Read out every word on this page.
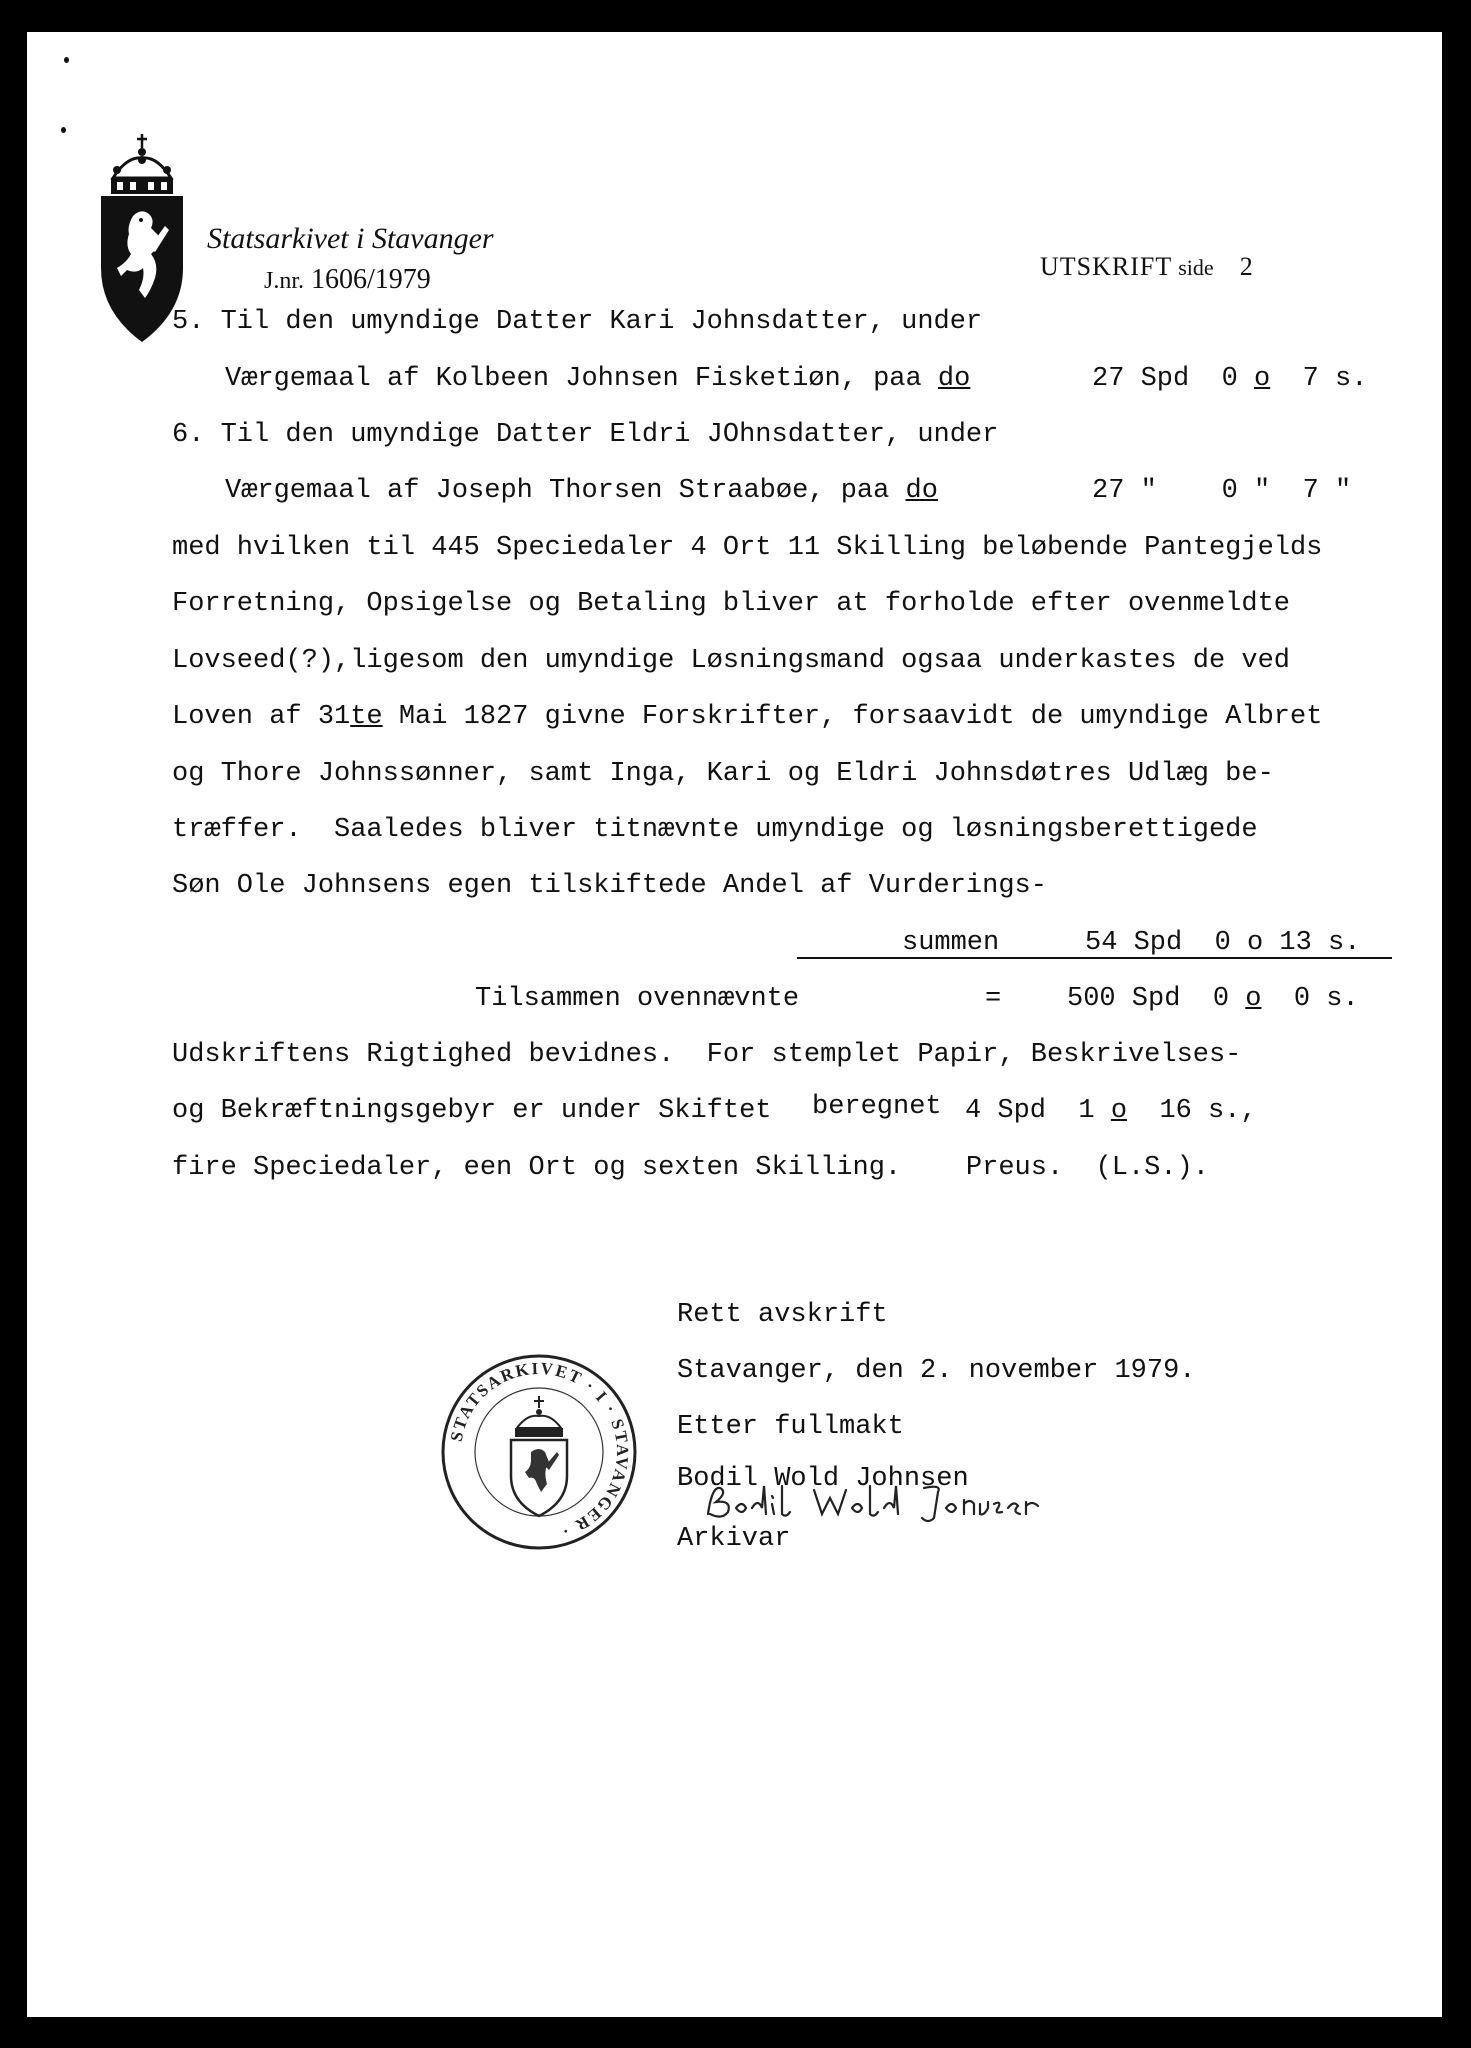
Statsarkivet i Stavanger
J.nr. 1606/1979	UTSKRIFT side 2
5. Til den umyndige Datter Kari Johnsdatter, under
Værgemaal af Kolbeen Johnsen Fisketiøn, paa do	27 Spd 0 o 7 s.
6. Til den umyndige Datter Eldri JOhnsdatter, under
Værgemaal af Joseph Thorsen Straabøe, paa do	27 "    0 "  7 "
med hvilken til 445 Speciedaler 4 Ort 11 Skilling beløbende Pantegjelds
Forretning, Opsigelse og Betaling bliver at forholde efter ovenmeldte
Lovseed(?),ligesom den umyndige Løsningsmand ogsaa underkastes de ved
Loven af 31te Mai 1827 givne Forskrifter, forsaavidt de umyndige Albret
og Thore Johnssønner, samt Inga, Kari og Eldri Johnsdøtres Udlæg be-
træffer.  Saaledes bliver titnævnte umyndige og løsningsberettigede
Søn Ole Johnsens egen tilskiftede Andel af Vurderings-
summen	54 Spd  0 o 13 s.
Tilsammen ovennævnte	= 500 Spd 0 o 0 s.
Udskriftens Rigtighed bevidnes.  For stemplet Papir, Beskrivelses-
og Bekræftningsgebyr er under Skiftet beregnet 4 Spd 1 o 16 s.,
fire Speciedaler, een Ort og sexten Skilling.    Preus.  (L.S.).
Rett avskrift
Stavanger, den 2. november 1979.
Etter fullmakt
Bodil Wold Johnsen
Arkivar
STATSARKIVET · I · STAVANGER ·
